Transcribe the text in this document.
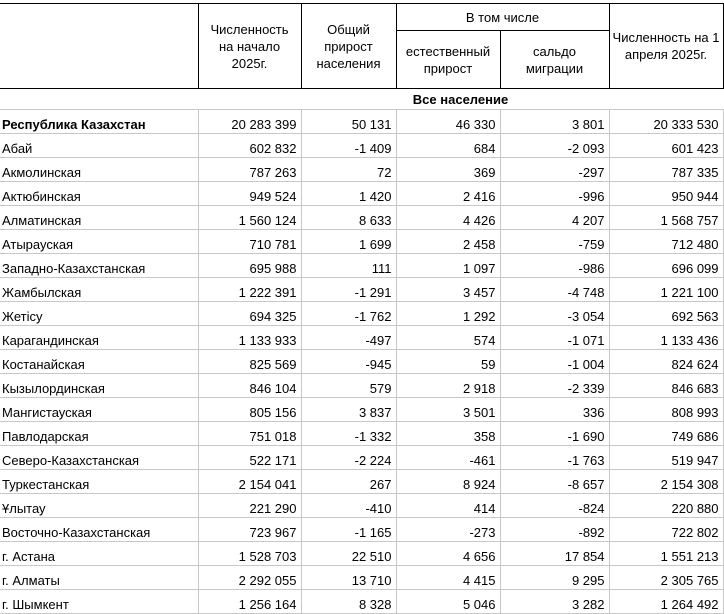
	Численность на начало 2025г.	Общий прирост населения	В том числе		Численность на 1 апреля 2025г.
			естественный прирост	сальдо миграции	
	Все население				
Республика Казахстан	20 283 399	50 131	46 330	3 801	20 333 530
Абай	602 832	-1 409	684	-2 093	601 423
Акмолинская	787 263	72	369	-297	787 335
Актюбинская	949 524	1 420	2 416	-996	950 944
Алматинская	1 560 124	8 633	4 426	4 207	1 568 757
Атырауская	710 781	1 699	2 458	-759	712 480
Западно-Казахстанская	695 988	111	1 097	-986	696 099
Жамбылская	1 222 391	-1 291	3 457	-4 748	1 221 100
Жетісу	694 325	-1 762	1 292	-3 054	692 563
Карагандинская	1 133 933	-497	574	-1 071	1 133 436
Костанайская	825 569	-945	59	-1 004	824 624
Кызылординская	846 104	579	2 918	-2 339	846 683
Мангистауская	805 156	3 837	3 501	336	808 993
Павлодарская	751 018	-1 332	358	-1 690	749 686
Северо-Казахстанская	522 171	-2 224	-461	-1 763	519 947
Туркестанская	2 154 041	267	8 924	-8 657	2 154 308
Ұлытау	221 290	-410	414	-824	220 880
Восточно-Казахстанская	723 967	-1 165	-273	-892	722 802
г. Астана	1 528 703	22 510	4 656	17 854	1 551 213
г. Алматы	2 292 055	13 710	4 415	9 295	2 305 765
г. Шымкент	1 256 164	8 328	5 046	3 282	1 264 492
